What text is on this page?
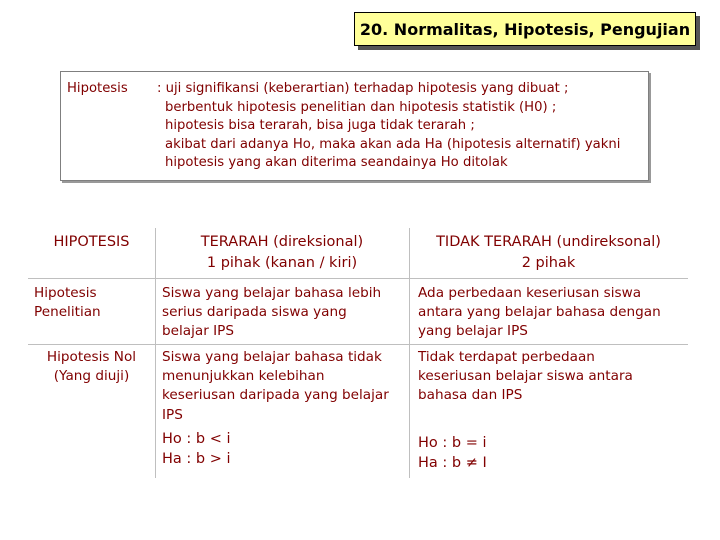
20. Normalitas, Hipotesis, Pengujian
Hipotesis : uji signifikansi (keberartian) terhadap hipotesis yang dibuat ;
berbentuk hipotesis penelitian dan hipotesis statistik (H0) ;
hipotesis bisa terarah, bisa juga tidak terarah ;
akibat dari adanya Ho, maka akan ada Ha (hipotesis alternatif) yakni
hipotesis yang akan diterima seandainya Ho ditolak
HIPOTESIS	TERARAH (direksional)
1 pihak (kanan / kiri)
TIDAK TERARAH (undireksonal)
2 pihak
Hipotesis
Penelitian
Siswa yang belajar bahasa lebih
serius daripada siswa yang
belajar IPS
Ada perbedaan keseriusan siswa
antara yang belajar bahasa dengan
yang belajar IPS
Hipotesis Nol
(Yang diuji)
Siswa yang belajar bahasa tidak
menunjukkan kelebihan
keseriusan daripada yang belajar
IPS
Ho : b < i
Ha : b > i
Tidak terdapat perbedaan
keseriusan belajar siswa antara
bahasa dan IPS
Ho : b = i
Ha : b ≠ I
